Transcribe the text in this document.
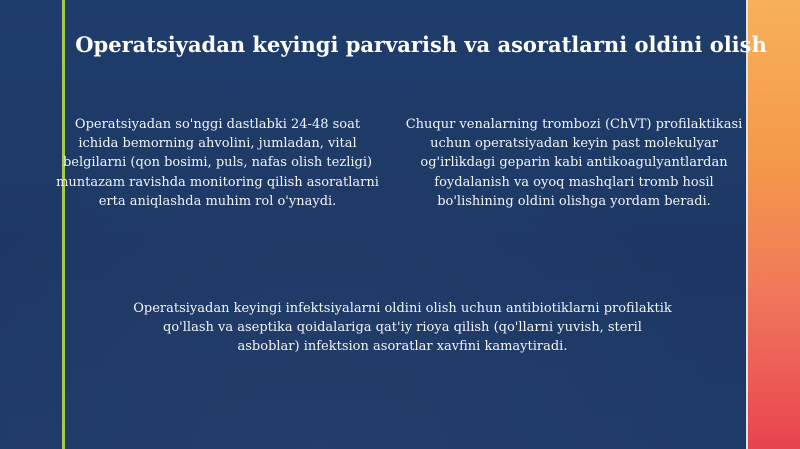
Operatsiyadan keyingi parvarish va asoratlarni oldini olish

Operatsiyadan so'nggi dastlabki 24-48 soat ichida bemorning ahvolini, jumladan, vital belgilarni (qon bosimi, puls, nafas olish tezligi) muntazam ravishda monitoring qilish asoratlarni erta aniqlashda muhim rol o'ynaydi.

Chuqur venalarning trombozi (ChVT) profilaktikasi uchun operatsiyadan keyin past molekulyar og'irlikdagi geparin kabi antikoagulyantlardan foydalanish va oyoq mashqlari tromb hosil bo'lishining oldini olishga yordam beradi.

Operatsiyadan keyingi infektsiyalarni oldini olish uchun antibiotiklarni profilaktik qo'llash va aseptika qoidalariga qat'iy rioya qilish (qo'llarni yuvish, steril asboblar) infektsion asoratlar xavfini kamaytiradi.
